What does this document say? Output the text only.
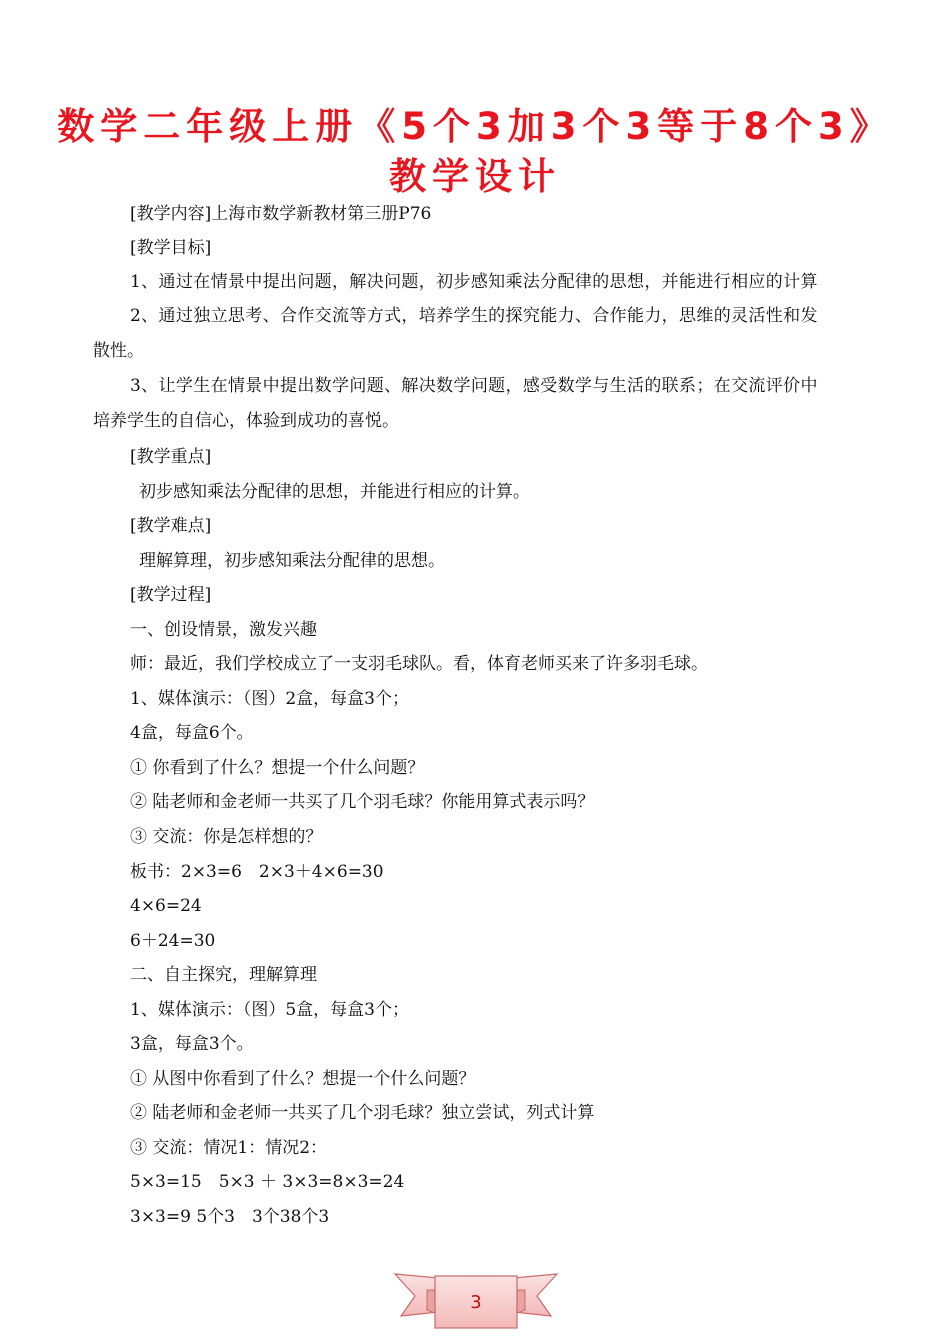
数学二年级上册《5个3加3个3等于8个3》
教学设计

[教学内容]上海市数学新教材第三册P76

[教学目标]

1、通过在情景中提出问题，解决问题，初步感知乘法分配律的思想，并能进行相应的计算

2、通过独立思考、合作交流等方式，培养学生的探究能力、合作能力，思维的灵活性和发

散性。

3、让学生在情景中提出数学问题、解决数学问题，感受数学与生活的联系；在交流评价中

培养学生的自信心，体验到成功的喜悦。

[教学重点]

初步感知乘法分配律的思想，并能进行相应的计算。

[教学难点]

理解算理，初步感知乘法分配律的思想。

[教学过程]

一、创设情景，激发兴趣

师：最近，我们学校成立了一支羽毛球队。看，体育老师买来了许多羽毛球。

1、媒体演示：（图）2盒，每盒3个；

4盒，每盒6个。

① 你看到了什么？想提一个什么问题？

② 陆老师和金老师一共买了几个羽毛球？你能用算式表示吗？

③ 交流：你是怎样想的？

板书：2×3=6　2×3＋4×6=30

4×6=24

6＋24=30

二、自主探究，理解算理

1、媒体演示：（图）5盒，每盒3个；

3盒，每盒3个。

① 从图中你看到了什么？想提一个什么问题？

② 陆老师和金老师一共买了几个羽毛球？独立尝试，列式计算

③ 交流：情况1：情况2：

5×3=15　5×3 ＋ 3×3=8×3=24

3×3=9 5个3　3个38个3

3
